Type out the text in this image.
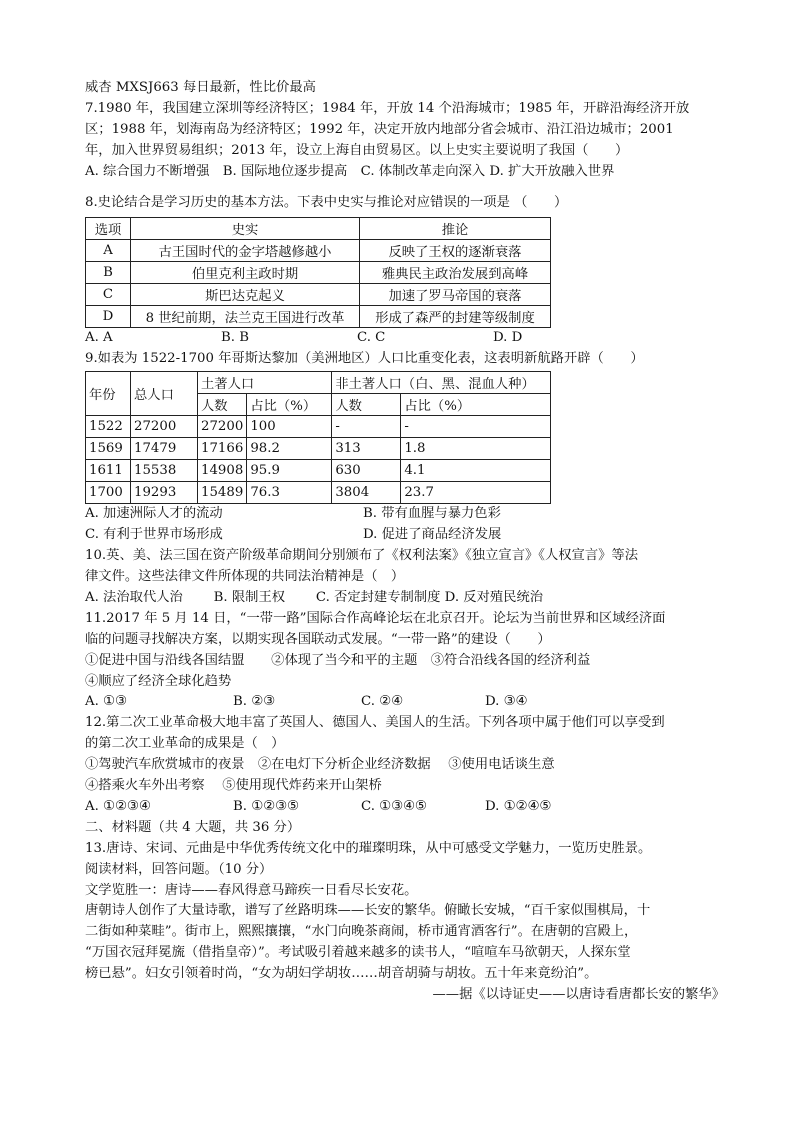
威杏 MXSJ663 每日最新，性比价最高
7.1980 年，我国建立深圳等经济特区；1984 年，开放 14 个沿海城市；1985 年，开辟沿海经济开放
区；1988 年，划海南岛为经济特区；1992 年，决定开放内地部分省会城市、沿江沿边城市；2001
年，加入世界贸易组织；2013 年，设立上海自由贸易区。以上史实主要说明了我国（　　）
A. 综合国力不断增强　B. 国际地位逐步提高　C. 体制改革走向深入 D. 扩大开放融入世界
8.史论结合是学习历史的基本方法。下表中史实与推论对应错误的一项是 （　　）
选项	史实	推论
A	古王国时代的金字塔越修越小	反映了王权的逐渐衰落
B	伯里克利主政时期	雅典民主政治发展到高峰
C	斯巴达克起义	加速了罗马帝国的衰落
D	8 世纪前期，法兰克王国进行改革	形成了森严的封建等级制度
A. A	B. B	C. C	D. D
9.如表为 1522-1700 年哥斯达黎加（美洲地区）人口比重变化表，这表明新航路开辟（　　）
年份	总人口	土著人口		非土著人口（白、黑、混血人种）	
		人数	占比（%）	人数	占比（%）
1522	27200	27200	100	-	-
1569	17479	17166	98.2	313	1.8
1611	15538	14908	95.9	630	4.1
1700	19293	15489	76.3	3804	23.7
A. 加速洲际人才的流动	B. 带有血腥与暴力色彩
C. 有利于世界市场形成	D. 促进了商品经济发展
10.英、美、法三国在资产阶级革命期间分别颁布了《权利法案》《独立宣言》《人权宣言》等法
律文件。这些法律文件所体现的共同法治精神是（　）
A. 法治取代人治　　 B. 限制王权　　 C. 否定封建专制制度 D. 反对殖民统治
11.2017 年 5 月 14 日，“一带一路”国际合作高峰论坛在北京召开。论坛为当前世界和区域经济面
临的问题寻找解决方案，以期实现各国联动式发展。“一带一路”的建设（　　）
①促进中国与沿线各国结盟　　②体现了当今和平的主题　③符合沿线各国的经济利益
④顺应了经济全球化趋势
A. ①③	B. ②③	C. ②④	D. ③④
12.第二次工业革命极大地丰富了英国人、德国人、美国人的生活。下列各项中属于他们可以享受到
的第二次工业革命的成果是（　）
①驾驶汽车欣赏城市的夜景　②在电灯下分析企业经济数据　 ③使用电话谈生意
④搭乘火车外出考察　 ⑤使用现代炸药来开山架桥
A. ①②③④	B. ①②③⑤	C. ①③④⑤	D. ①②④⑤
二、材料题（共 4 大题，共 36 分）
13.唐诗、宋词、元曲是中华优秀传统文化中的璀璨明珠，从中可感受文学魅力，一览历史胜景。
阅读材料，回答问题。（10 分）
文学览胜一：唐诗——春风得意马蹄疾一日看尽长安花。
唐朝诗人创作了大量诗歌，谱写了丝路明珠——长安的繁华。俯瞰长安城，“百千家似围棋局，十
二街如种菜畦”。街市上，熙熙攘攘，“水门向晚茶商闹，桥市通宵酒客行”。在唐朝的宫殿上，
“万国衣冠拜冕旒（借指皇帝）”。考试吸引着越来越多的读书人，“喧喧车马欲朝天，人探东堂
榜已悬”。妇女引领着时尚，“女为胡妇学胡妆……胡音胡骑与胡妆。五十年来竟纷泊”。
——据《以诗证史——以唐诗看唐都长安的繁华》
